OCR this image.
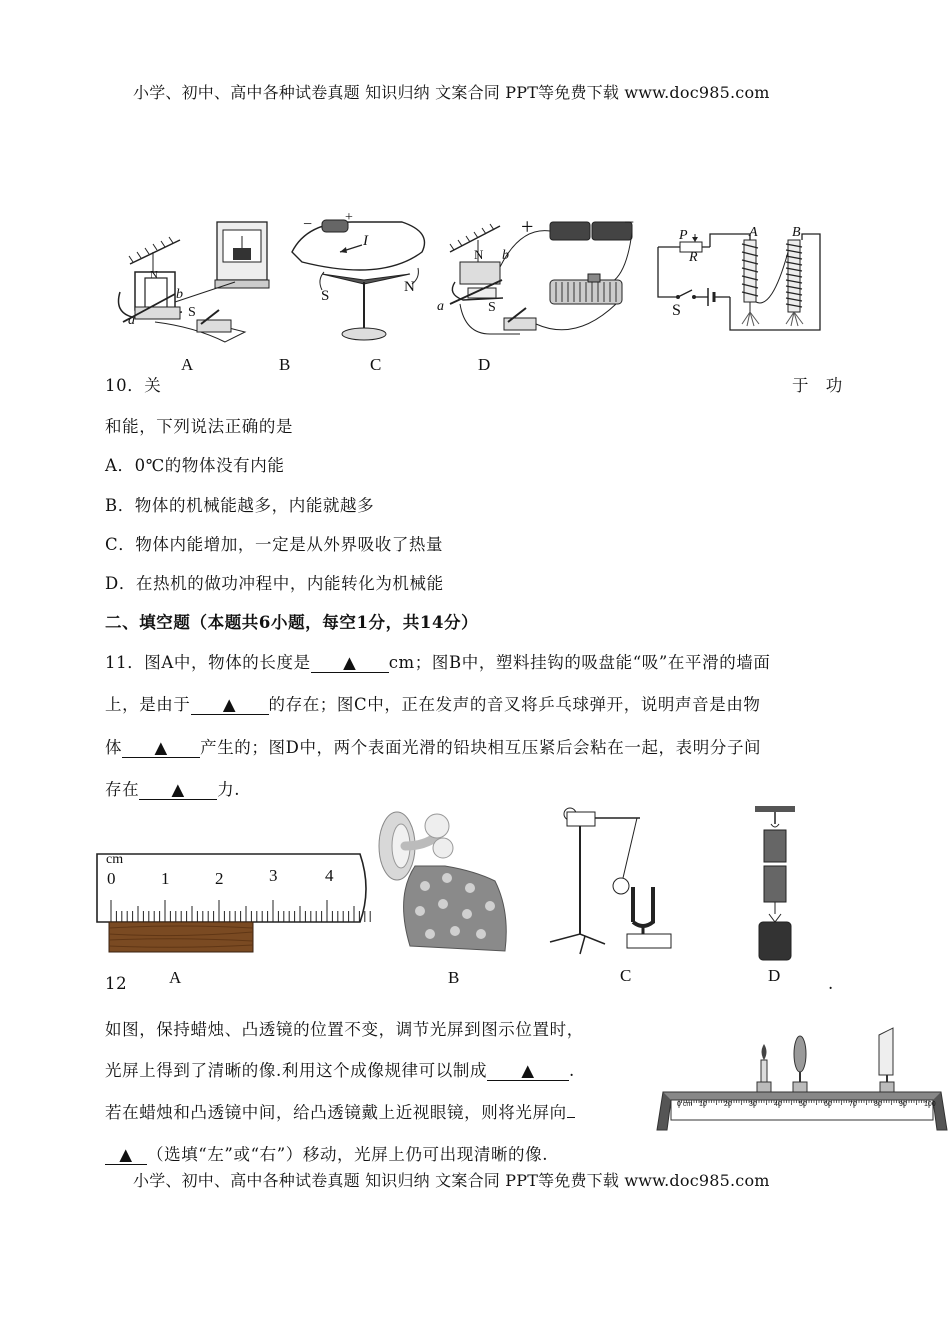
小学、初中、高中各种试卷真题 知识归纳 文案合同 PPT等免费下载 www.doc985.com
N
b
a
S
− +
I
S
N
N b
a	S
+	−
P
R
S
A B
A	B	C	D
10．关	于 功
和能，下列说法正确的是
A．0℃的物体没有内能
B．物体的机械能越多，内能就越多
C．物体内能增加，一定是从外界吸收了热量
D．在热机的做功冲程中，内能转化为机械能
二、填空题（本题共6小题，每空1分，共14分）
11．图A中，物体的长度是 ▲ cm；图B中，塑料挂钩的吸盘能“吸”在平滑的墙面
上，是由于 ▲ 的存在；图C中，正在发声的音叉将乒乓球弹开，说明声音是由物
体 ▲ 产生的；图D中，两个表面光滑的铅块相互压紧后会粘在一起，表明分子间
存在 ▲ 力.
cm
0	1	2	3	4
A	B	C	D
12	.
如图，保持蜡烛、凸透镜的位置不变，调节光屏到图示位置时，
光屏上得到了清晰的像.利用这个成像规律可以制成 ▲ .
若在蜡烛和凸透镜中间，给凸透镜戴上近视眼镜，则将光屏向
▲ （选填“左”或“右”）移动，光屏上仍可出现清晰的像.
0 cm 10 20 30 40 50 60 70 80 90 100
小学、初中、高中各种试卷真题 知识归纳 文案合同 PPT等免费下载 www.doc985.com
